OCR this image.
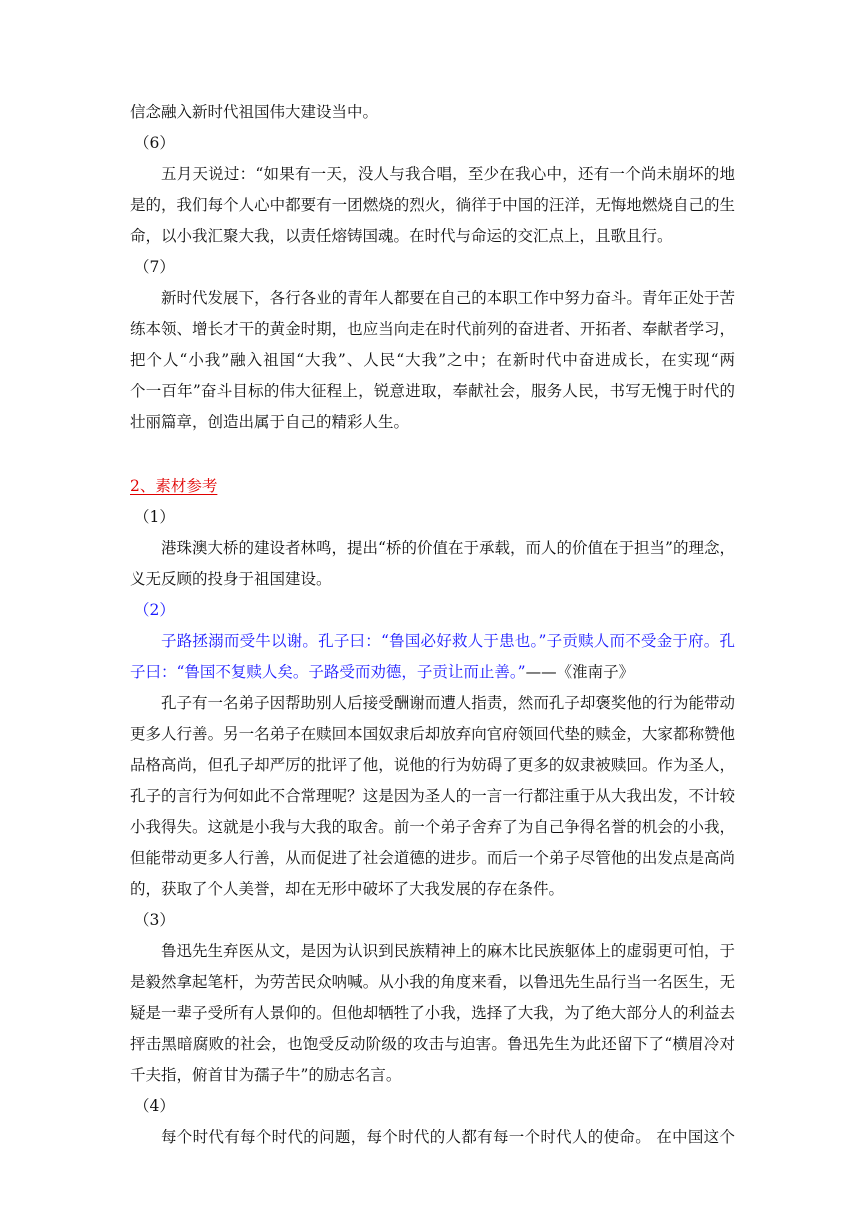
信念融入新时代祖国伟大建设当中。
（6）
五月天说过：“如果有一天，没人与我合唱，至少在我心中，还有一个尚未崩坏的地
是的，我们每个人心中都要有一团燃烧的烈火，徜徉于中国的汪洋，无悔地燃烧自己的生
命，以小我汇聚大我，以责任熔铸国魂。在时代与命运的交汇点上，且歌且行。
（7）
新时代发展下，各行各业的青年人都要在自己的本职工作中努力奋斗。青年正处于苦
练本领、增长才干的黄金时期，也应当向走在时代前列的奋进者、开拓者、奉献者学习，
把个人“小我”融入祖国“大我”、人民“大我”之中；在新时代中奋进成长，在实现“两
个一百年”奋斗目标的伟大征程上，锐意进取，奉献社会，服务人民，书写无愧于时代的
壮丽篇章，创造出属于自己的精彩人生。
2、素材参考
（1）
港珠澳大桥的建设者林鸣，提出“桥的价值在于承载，而人的价值在于担当”的理念，
义无反顾的投身于祖国建设。
（2）
子路拯溺而受牛以谢。孔子曰：“鲁国必好救人于患也。”子贡赎人而不受金于府。孔
子曰：“鲁国不复赎人矣。子路受而劝德，子贡让而止善。”——《淮南子》
孔子有一名弟子因帮助别人后接受酬谢而遭人指责，然而孔子却褒奖他的行为能带动
更多人行善。另一名弟子在赎回本国奴隶后却放弃向官府领回代垫的赎金，大家都称赞他
品格高尚，但孔子却严厉的批评了他，说他的行为妨碍了更多的奴隶被赎回。作为圣人，
孔子的言行为何如此不合常理呢？这是因为圣人的一言一行都注重于从大我出发，不计较
小我得失。这就是小我与大我的取舍。前一个弟子舍弃了为自己争得名誉的机会的小我，
但能带动更多人行善，从而促进了社会道德的进步。而后一个弟子尽管他的出发点是高尚
的，获取了个人美誉，却在无形中破坏了大我发展的存在条件。
（3）
鲁迅先生弃医从文，是因为认识到民族精神上的麻木比民族躯体上的虚弱更可怕，于
是毅然拿起笔杆，为劳苦民众呐喊。从小我的角度来看，以鲁迅先生品行当一名医生，无
疑是一辈子受所有人景仰的。但他却牺牲了小我，选择了大我，为了绝大部分人的利益去
抨击黑暗腐败的社会，也饱受反动阶级的攻击与迫害。鲁迅先生为此还留下了“横眉冷对
千夫指，俯首甘为孺子牛”的励志名言。
（4）
每个时代有每个时代的问题，每个时代的人都有每一个时代人的使命。 在中国这个
